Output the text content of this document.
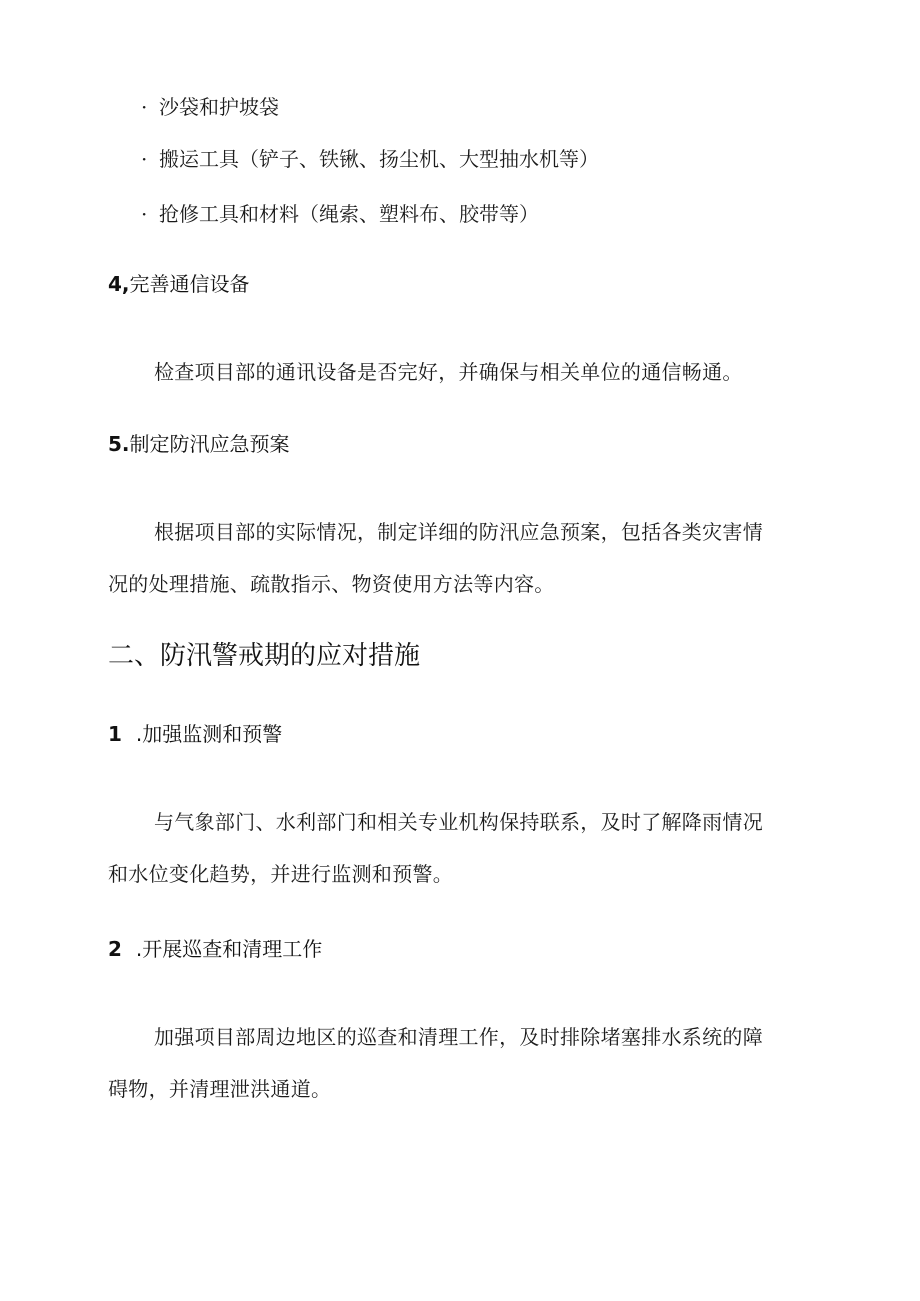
· 沙袋和护坡袋
· 搬运工具（铲子、铁锹、扬尘机、大型抽水机等）
· 抢修工具和材料（绳索、塑料布、胶带等）
4,完善通信设备
检查项目部的通讯设备是否完好，并确保与相关单位的通信畅通。
5.制定防汛应急预案
根据项目部的实际情况，制定详细的防汛应急预案，包括各类灾害情
况的处理措施、疏散指示、物资使用方法等内容。
二、防汛警戒期的应对措施
1 .加强监测和预警
与气象部门、水利部门和相关专业机构保持联系，及时了解降雨情况
和水位变化趋势，并进行监测和预警。
2 .开展巡查和清理工作
加强项目部周边地区的巡查和清理工作，及时排除堵塞排水系统的障
碍物，并清理泄洪通道。
